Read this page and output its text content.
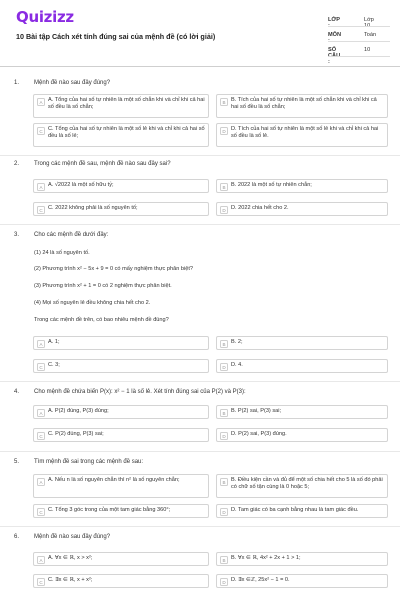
Quizizz
10 Bài tập Cách xét tính đúng sai của mệnh đề (có lời giải)
LỚP :
Lớp 10
MÔN :
Toán
SỐ CÂU :
10
1. Mệnh đề nào sau đây đúng?
A A. Tổng của hai số tự nhiên là một số chẵn khi và chỉ khi cả hai số đều là số chẵn;
B B. Tích của hai số tự nhiên là một số chẵn khi và chỉ khi cả hai số đều là số chẵn;
C C. Tổng của hai số tự nhiên là một số lẻ khi và chỉ khi cả hai số đều là số lẻ;
D D. Tích của hai số tự nhiên là một số lẻ khi và chỉ khi cả hai số đều là số lẻ.
2. Trong các mệnh đề sau, mệnh đề nào sau đây sai?
A A. √2022 là một số hữu tỷ;	B B. 2022 là một số tự nhiên chẵn;
C C. 2022 không phải là số nguyên tố;	D D. 2022 chia hết cho 2.
3. Cho các mệnh đề dưới đây:
(1) 24 là số nguyên tố.
(2) Phương trình x² − 5x + 9 = 0 có mấy nghiệm thực phân biệt?
(3) Phương trình x² + 1 = 0 có 2 nghiệm thực phân biệt.
(4) Mọi số nguyên lẻ đều không chia hết cho 2.
Trong các mệnh đề trên, có bao nhiêu mệnh đề đúng?
A A. 1;	B B. 2;
C C. 3;	D D. 4.
4. Cho mệnh đề chứa biến P(x): x² − 1 là số lẻ. Xét tính đúng sai của P(2) và P(3):
A A. P(2) đúng, P(3) đúng;	B B. P(2) sai, P(3) sai;
C C. P(2) đúng, P(3) sai;	D D. P(2) sai, P(3) đúng.
5. Tìm mệnh đề sai trong các mệnh đề sau:
A A. Nếu n là số nguyên chẵn thì n² là số nguyên chẵn;	B B. Điều kiện cần và đủ để một số chia hết cho 5 là số đó phải có chữ số tận cùng là 0 hoặc 5;
C C. Tổng 3 góc trong của một tam giác bằng 360°;	D D. Tam giác có ba cạnh bằng nhau là tam giác đều.
6. Mệnh đề nào sau đây đúng?
A A. ∀x ∈ ℝ, x > x²;	B B. ∀x ∈ ℝ, 4x² + 2x + 1 > 1;
C C. ∃x ∈ ℝ, x + x²;	D D. ∃x ∈ℤ, 25x² − 1 = 0.
